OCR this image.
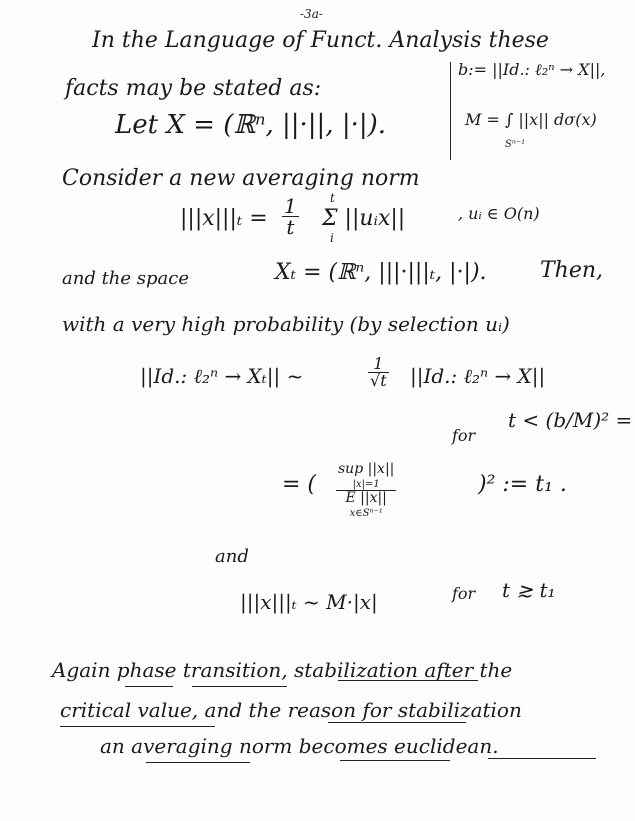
-3a-
In the Language of Funct. Analysis these
b:= ||Id.: ℓ₂ⁿ → X||,
facts may be stated as:
Let X = (ℝⁿ, ||·||, |·|).	M = ∫ ||x|| dσ(x)
Sⁿ⁻¹
Consider a new averaging norm
$|||x|||_t = \frac{1}{t}$	t
Σ ||uᵢx||
i
, uᵢ ∈ O(n)
and the space	Xₜ = (ℝⁿ, |||·|||ₜ, |·|). Then,
with a very high probability (by selection uᵢ)
||Id.: ℓ₂ⁿ → Xₜ|| ~	$\frac{1}{√t} ||Id$.: ℓ₂ⁿ → X||
for
t < (b/M)² =
= (
sup ||x||
|x|=1
E ||x||
x∈Sⁿ⁻¹
)² := t₁ .
and
|||x|||ₜ ~ M·|x|	for t ≳ t₁
Again phase transition, stabilization after the
critical value, and the reason for stabilization
an averaging norm becomes euclidean.
